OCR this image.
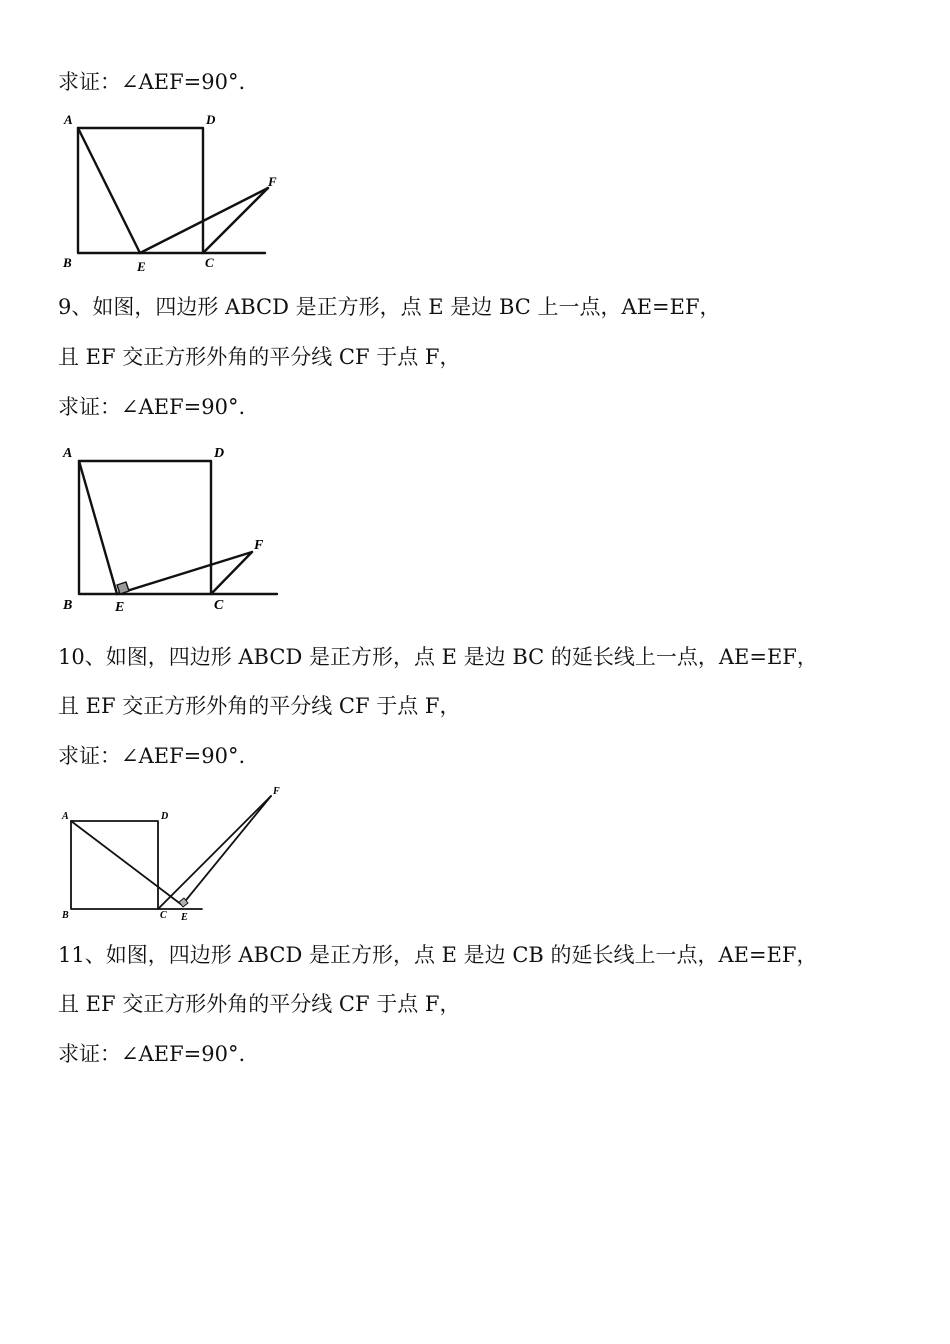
求证：∠AEF=90°.
A	D
F
B	E	C
9、如图，四边形 ABCD 是正方形，点 E 是边 BC 上一点，AE=EF，
且 EF 交正方形外角的平分线 CF 于点 F，
求证：∠AEF=90°.
A	D
F
B	E	C
10、如图，四边形 ABCD 是正方形，点 E 是边 BC 的延长线上一点，AE=EF，
且 EF 交正方形外角的平分线 CF 于点 F，
求证：∠AEF=90°.
A	D
F
B	C E
11、如图，四边形 ABCD 是正方形，点 E 是边 CB 的延长线上一点，AE=EF，
且 EF 交正方形外角的平分线 CF 于点 F，
求证：∠AEF=90°.
